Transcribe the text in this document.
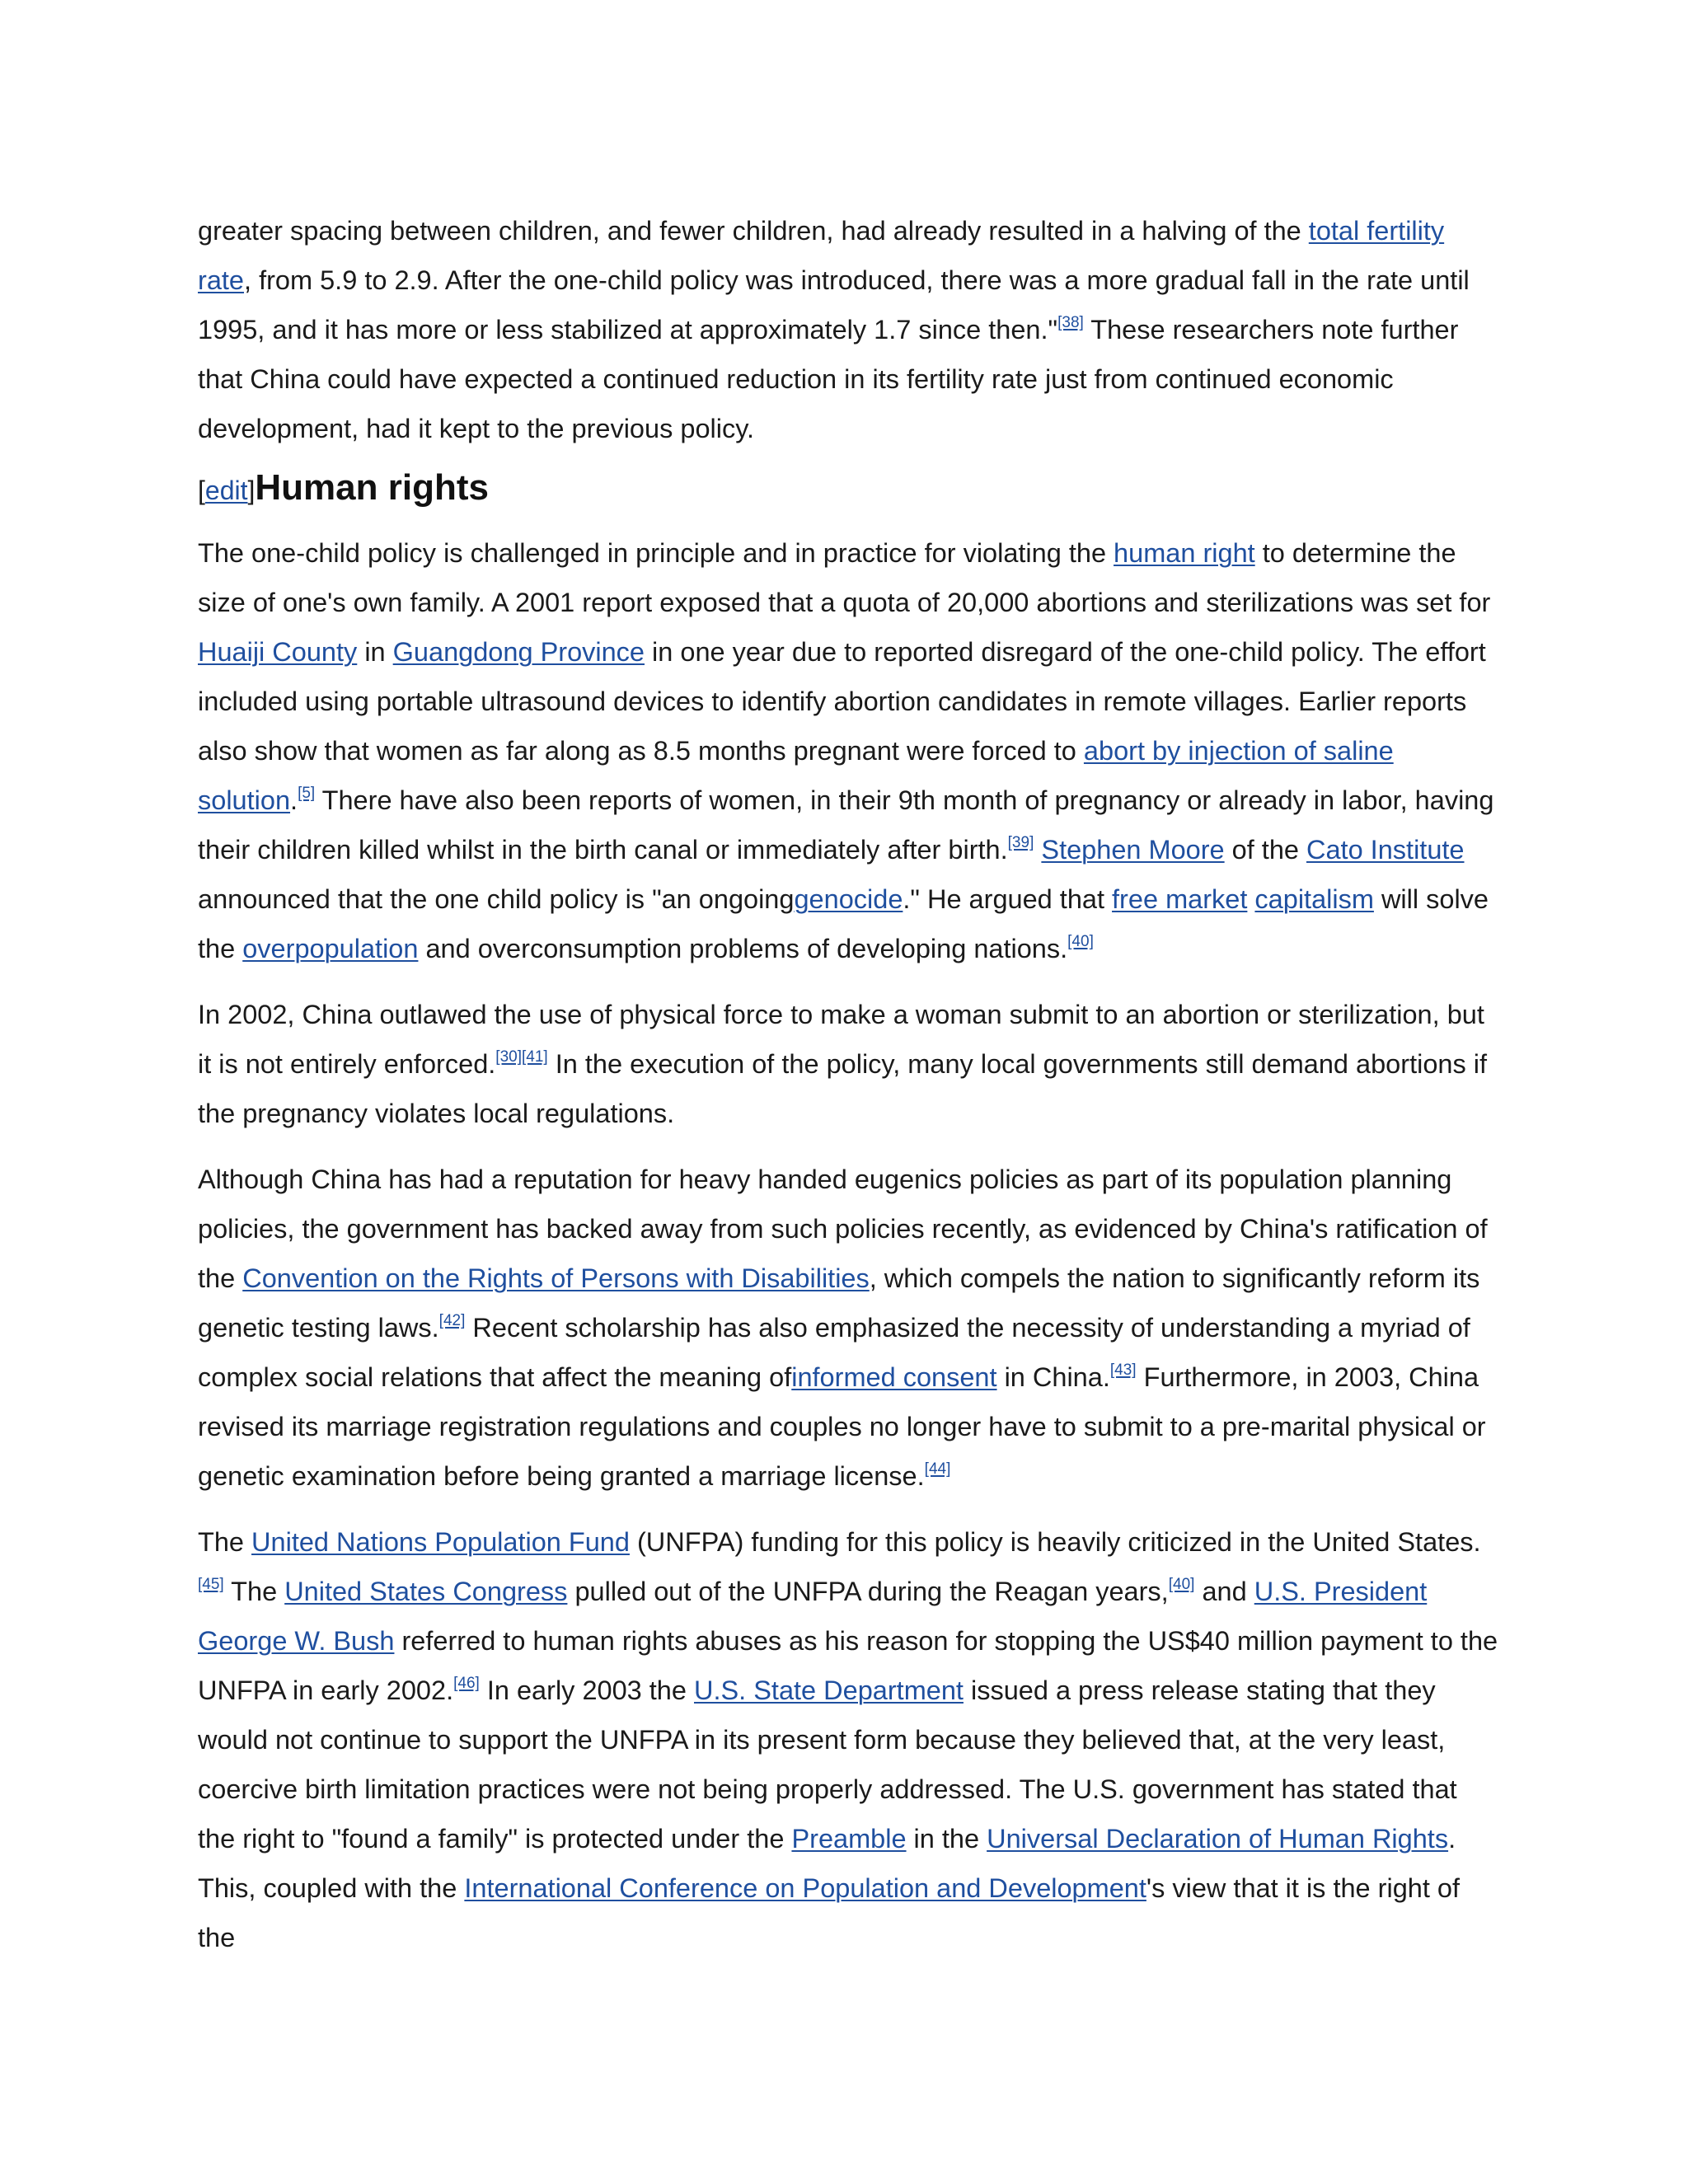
greater spacing between children, and fewer children, had already resulted in a halving of the total fertility rate, from 5.9 to 2.9. After the one-child policy was introduced, there was a more gradual fall in the rate until 1995, and it has more or less stabilized at approximately 1.7 since then."[38] These researchers note further that China could have expected a continued reduction in its fertility rate just from continued economic development, had it kept to the previous policy.

[edit]Human rights

The one-child policy is challenged in principle and in practice for violating the human right to determine the size of one's own family. A 2001 report exposed that a quota of 20,000 abortions and sterilizations was set for Huaiji County in Guangdong Province in one year due to reported disregard of the one-child policy. The effort included using portable ultrasound devices to identify abortion candidates in remote villages. Earlier reports also show that women as far along as 8.5 months pregnant were forced to abort by injection of saline solution.[5] There have also been reports of women, in their 9th month of pregnancy or already in labor, having their children killed whilst in the birth canal or immediately after birth.[39] Stephen Moore of the Cato Institute announced that the one child policy is "an ongoinggenocide." He argued that free market capitalism will solve the overpopulation and overconsumption problems of developing nations.[40]

In 2002, China outlawed the use of physical force to make a woman submit to an abortion or sterilization, but it is not entirely enforced.[30][41] In the execution of the policy, many local governments still demand abortions if the pregnancy violates local regulations.

Although China has had a reputation for heavy handed eugenics policies as part of its population planning policies, the government has backed away from such policies recently, as evidenced by China's ratification of the Convention on the Rights of Persons with Disabilities, which compels the nation to significantly reform its genetic testing laws.[42] Recent scholarship has also emphasized the necessity of understanding a myriad of complex social relations that affect the meaning ofinformed consent in China.[43] Furthermore, in 2003, China revised its marriage registration regulations and couples no longer have to submit to a pre-marital physical or genetic examination before being granted a marriage license.[44]

The United Nations Population Fund (UNFPA) funding for this policy is heavily criticized in the United States.[45] The United States Congress pulled out of the UNFPA during the Reagan years,[40] and U.S. President George W. Bush referred to human rights abuses as his reason for stopping the US$40 million payment to the UNFPA in early 2002.[46] In early 2003 the U.S. State Department issued a press release stating that they would not continue to support the UNFPA in its present form because they believed that, at the very least, coercive birth limitation practices were not being properly addressed. The U.S. government has stated that the right to "found a family" is protected under the Preamble in the Universal Declaration of Human Rights. This, coupled with the International Conference on Population and Development's view that it is the right of the
